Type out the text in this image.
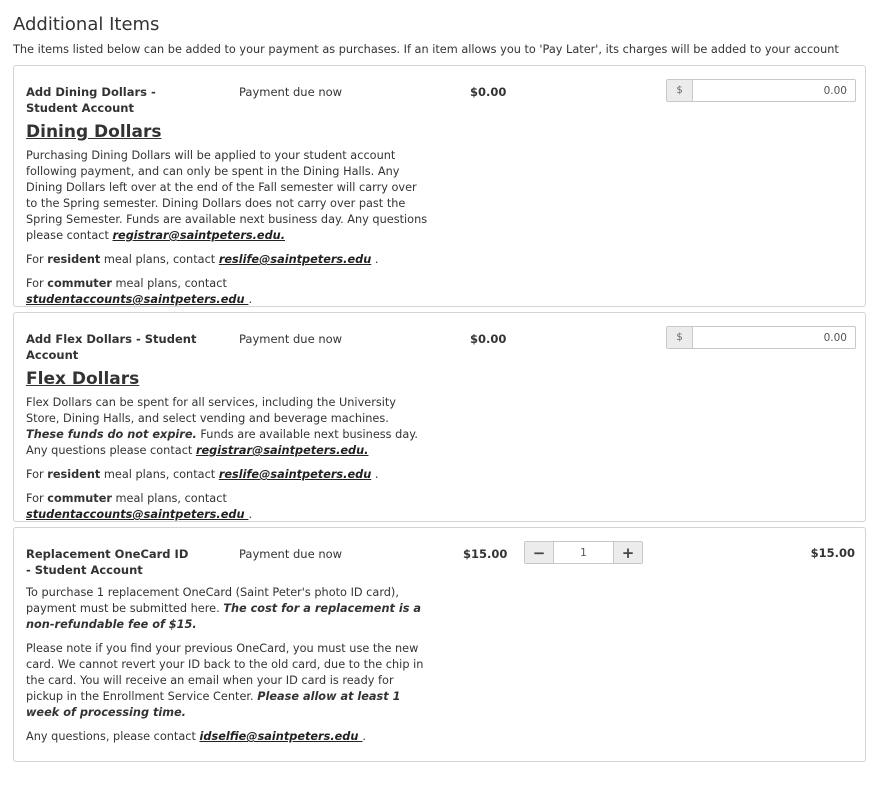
Additional Items
The items listed below can be added to your payment as purchases. If an item allows you to 'Pay Later', its charges will be added to your account
Add Dining Dollars - Student Account
Payment due now	$0.00	$
0.00
Dining Dollars

Purchasing Dining Dollars will be applied to your student account following payment, and can only be spent in the Dining Halls. Any Dining Dollars left over at the end of the Fall semester will carry over to the Spring semester. Dining Dollars does not carry over past the Spring Semester. Funds are available next business day. Any questions please contact registrar@saintpeters.edu.

For resident meal plans, contact reslife@saintpeters.edu .

For commuter meal plans, contact studentaccounts@saintpeters.edu .

Add Flex Dollars - Student Account
Payment due now	$0.00	$
0.00
Flex Dollars

Flex Dollars can be spent for all services, including the University Store, Dining Halls, and select vending and beverage machines. These funds do not expire. Funds are available next business day. Any questions please contact registrar@saintpeters.edu.

For resident meal plans, contact reslife@saintpeters.edu .

For commuter meal plans, contact studentaccounts@saintpeters.edu .

Replacement OneCard ID - Student Account
Payment due now	$15.00	−
1	+	$15.00

To purchase 1 replacement OneCard (Saint Peter's photo ID card), payment must be submitted here. The cost for a replacement is a non-refundable fee of $15.

Please note if you find your previous OneCard, you must use the new card. We cannot revert your ID back to the old card, due to the chip in the card. You will receive an email when your ID card is ready for pickup in the Enrollment Service Center. Please allow at least 1 week of processing time.

Any questions, please contact idselfie@saintpeters.edu .
